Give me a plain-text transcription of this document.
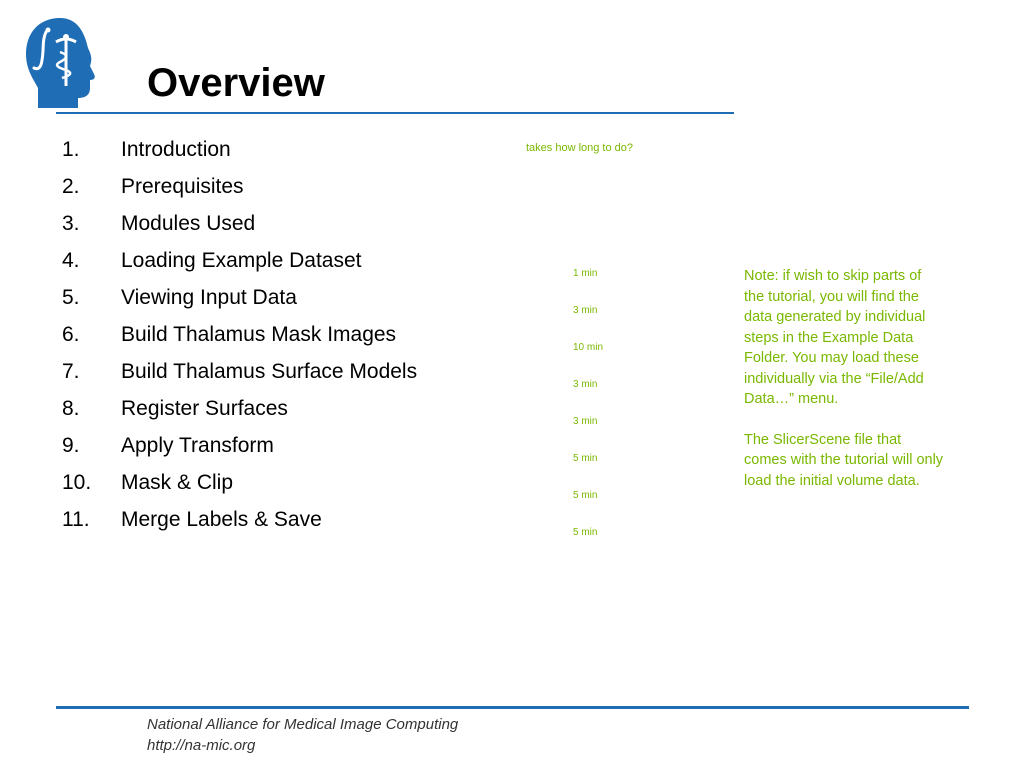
Overview
1. Introduction
2. Prerequisites
3. Modules Used
4. Loading Example Dataset
5. Viewing Input Data
6. Build Thalamus Mask Images
7. Build Thalamus Surface Models
8. Register Surfaces
9. Apply Transform
10. Mask & Clip
11. Merge Labels & Save
takes how long to do?
1 min
3 min
10 min
3 min
3 min
5 min
5 min
5 min

Note: if wish to skip parts of the tutorial, you will find the data generated by individual steps in the Example Data Folder. You may load these individually via the “File/Add Data…” menu.

The SlicerScene file that comes with the tutorial will only load the initial volume data.

National Alliance for Medical Image Computing
http://na-mic.org
